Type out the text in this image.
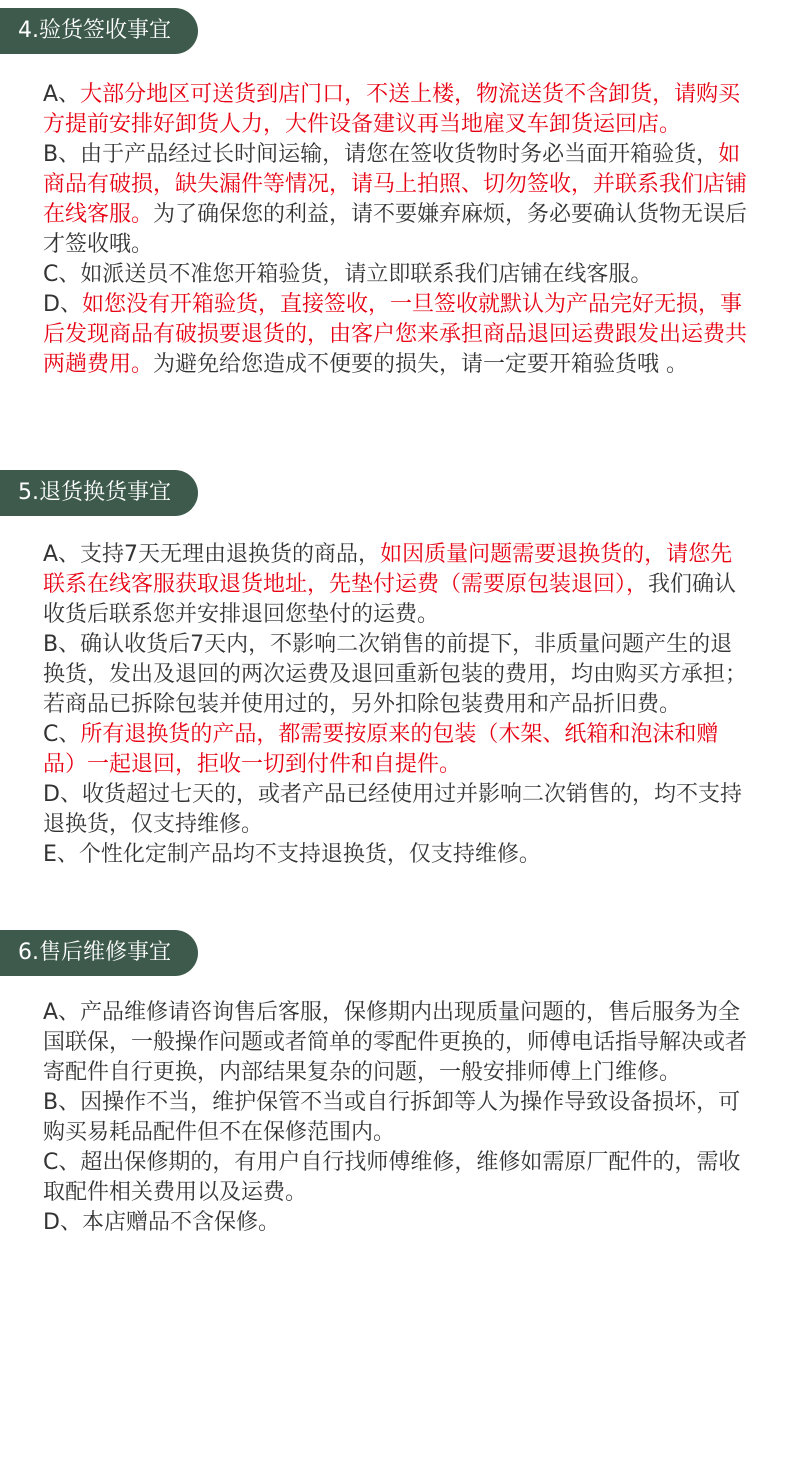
4.验货签收事宜

A、大部分地区可送货到店门口，不送上楼，物流送货不含卸货，请购买方提前安排好卸货人力，大件设备建议再当地雇叉车卸货运回店。

B、由于产品经过长时间运输，请您在签收货物时务必当面开箱验货，如商品有破损，缺失漏件等情况，请马上拍照、切勿签收，并联系我们店铺在线客服。为了确保您的利益，请不要嫌弃麻烦，务必要确认货物无误后才签收哦。

C、如派送员不准您开箱验货，请立即联系我们店铺在线客服。

D、如您没有开箱验货，直接签收，一旦签收就默认为产品完好无损，事后发现商品有破损要退货的，由客户您来承担商品退回运费跟发出运费共两趟费用。为避免给您造成不便要的损失，请一定要开箱验货哦 。

5.退货换货事宜

A、支持7天无理由退换货的商品，如因质量问题需要退换货的，请您先联系在线客服获取退货地址，先垫付运费（需要原包装退回），我们确认收货后联系您并安排退回您垫付的运费。

B、确认收货后7天内，不影响二次销售的前提下，非质量问题产生的退换货，发出及退回的两次运费及退回重新包装的费用，均由购买方承担；若商品已拆除包装并使用过的，另外扣除包装费用和产品折旧费。

C、所有退换货的产品，都需要按原来的包装（木架、纸箱和泡沫和赠品）一起退回，拒收一切到付件和自提件。

D、收货超过七天的，或者产品已经使用过并影响二次销售的，均不支持退换货，仅支持维修。

E、个性化定制产品均不支持退换货，仅支持维修。

6.售后维修事宜

A、产品维修请咨询售后客服，保修期内出现质量问题的，售后服务为全国联保，一般操作问题或者简单的零配件更换的，师傅电话指导解决或者寄配件自行更换，内部结果复杂的问题，一般安排师傅上门维修。

B、因操作不当，维护保管不当或自行拆卸等人为操作导致设备损坏，可购买易耗品配件但不在保修范围内。

C、超出保修期的，有用户自行找师傅维修，维修如需原厂配件的，需收取配件相关费用以及运费。

D、本店赠品不含保修。
